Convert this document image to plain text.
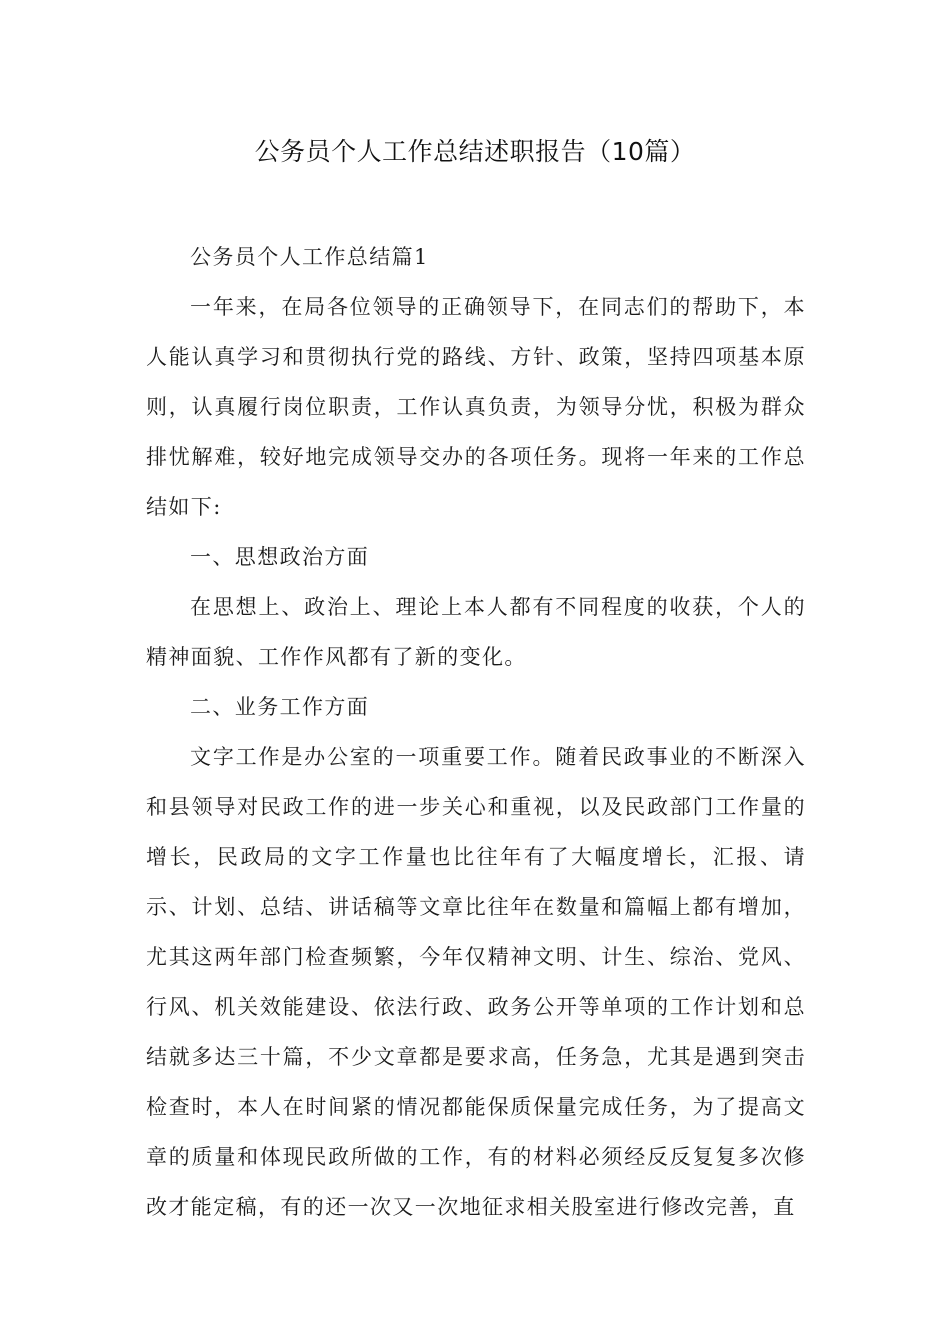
公务员个人工作总结述职报告（10篇）

公务员个人工作总结篇1

一年来，在局各位领导的正确领导下，在同志们的帮助下，本人能认真学习和贯彻执行党的路线、方针、政策，坚持四项基本原则，认真履行岗位职责，工作认真负责，为领导分忧，积极为群众排忧解难，较好地完成领导交办的各项任务。现将一年来的工作总结如下:

一、思想政治方面

在思想上、政治上、理论上本人都有不同程度的收获，个人的精神面貌、工作作风都有了新的变化。

二、业务工作方面

文字工作是办公室的一项重要工作。随着民政事业的不断深入和县领导对民政工作的进一步关心和重视，以及民政部门工作量的增长，民政局的文字工作量也比往年有了大幅度增长，汇报、请示、计划、总结、讲话稿等文章比往年在数量和篇幅上都有增加，尤其这两年部门检查频繁，今年仅精神文明、计生、综治、党风、行风、机关效能建设、依法行政、政务公开等单项的工作计划和总结就多达三十篇，不少文章都是要求高，任务急，尤其是遇到突击检查时，本人在时间紧的情况都能保质保量完成任务，为了提高文章的质量和体现民政所做的工作，有的材料必须经反反复复多次修改才能定稿，有的还一次又一次地征求相关股室进行修改完善，直
